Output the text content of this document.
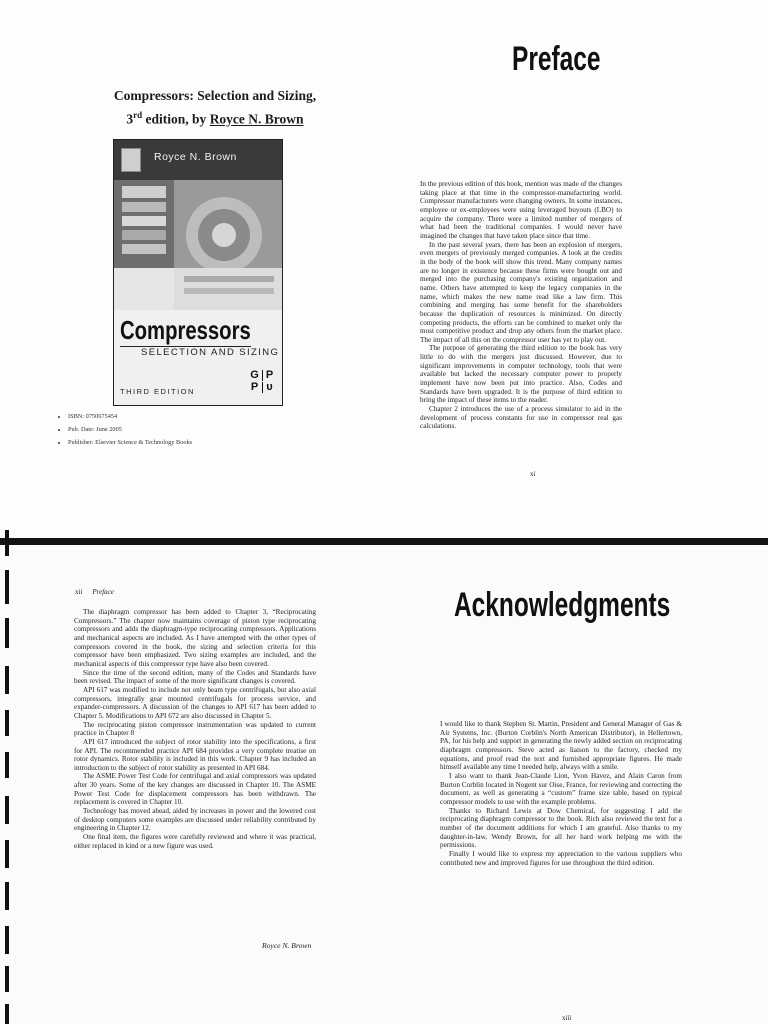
Preface
Compressors: Selection and Sizing,
3rd edition, by Royce N. Brown
Royce N. Brown
Compressors
SELECTION AND SIZING
G P
P υ
THIRD EDITION
• ISBN: 0750675454
• Pub. Date: June 2005
• Publisher: Elsevier Science & Technology Books

In the previous edition of this book, mention was made of the changes taking place at that time in the compressor-manufacturing world. Compressor manufacturers were changing owners. In some instances, employee or ex-employees were using leveraged buyouts (LBO) to acquire the company. There were a limited number of mergers of what had been the traditional companies. I would never have imagined the changes that have taken place since that time.

In the past several years, there has been an explosion of mergers, even mergers of previously merged companies. A look at the credits in the body of the book will show this trend. Many company names are no longer in existence because these firms were bought out and merged into the purchasing company's existing organization and name. Others have attempted to keep the legacy companies in the name, which makes the new name read like a law firm. This combining and merging has some benefit for the shareholders because the duplication of resources is minimized. On directly competing products, the efforts can be combined to market only the most competitive product and drop any others from the market place. The impact of all this on the compressor user has yet to play out.

The purpose of generating the third edition to the book has very little to do with the mergers just discussed. However, due to significant improvements in computer technology, tools that were available but lacked the necessary computer power to properly implement have now been put into practice. Also, Codes and Standards have been upgraded. It is the purpose of third edition to bring the impact of these items to the reader.

Chapter 2 introduces the use of a process simulator to aid in the development of process constants for use in compressor real gas calculations.

xi
xii Preface

The diaphragm compressor has been added to Chapter 3, “Reciprocating Compressors.” The chapter now maintains coverage of piston type reciprocating compressors and adds the diaphragm-type reciprocating compressors. Applications and mechanical aspects are included. As I have attempted with the other types of compressors covered in the book, the sizing and selection criteria for this compressor have been emphasized. Two sizing examples are included, and the mechanical aspects of this compressor type have also been covered.

Since the time of the second edition, many of the Codes and Standards have been revised. The impact of some of the more significant changes is covered.

API 617 was modified to include not only beam type centrifugals, but also axial compressors, integrally gear mounted centrifugals for process service, and expander-compressors. A discussion of the changes to API 617 has been added to Chapter 5. Modifications to API 672 are also discussed in Chapter 5.

The reciprocating piston compressor instrumentation was updated to current practice in Chapter 8

API 617 introduced the subject of rotor stability into the specifications, a first for API. The recommended practice API 684 provides a very complete treatise on rotor dynamics. Rotor stability is included in this work. Chapter 9 has included an introduction to the subject of rotor stability as presented in API 684.

The ASME Power Test Code for centrifugal and axial compressors was updated after 30 years. Some of the key changes are discussed in Chapter 10. The ASME Power Test Code for displacement compressors has been withdrawn. The replacement is covered in Chapter 10.

Technology has moved ahead, aided by increases in power and the lowered cost of desktop computers some examples are discussed under reliability contributed by engineering in Chapter 12.

One final item, the figures were carefully reviewed and where it was practical, either replaced in kind or a new figure was used.

Royce N. Brown
Acknowledgments

I would like to thank Stephen St. Martin, President and General Manager of Gas & Air Systems, Inc. (Burton Corblin's North American Distributor), in Hellertown, PA, for his help and support in generating the newly added section on reciprocating diaphragm compressors. Steve acted as liaison to the factory, checked my equations, and proof read the text and furnished appropriate figures. He made himself available any time I needed help, always with a smile.

I also want to thank Jean-Claude Lion, Yvon Havez, and Alain Caron from Burton Corblin located in Nogent sur Oise, France, for reviewing and correcting the document, as well as generating a “custom” frame size table, based on typical compressor models to use with the example problems.

Thanks to Richard Lewis at Dow Chemical, for suggesting I add the reciprocating diaphragm compressor to the book. Rich also reviewed the text for a number of the document additions for which I am grateful. Also thanks to my daughter-in-law, Wendy Brown, for all her hard work helping me with the permissions.

Finally I would like to express my appreciation to the various suppliers who contributed new and improved figures for use throughout the third edition.

xiii
